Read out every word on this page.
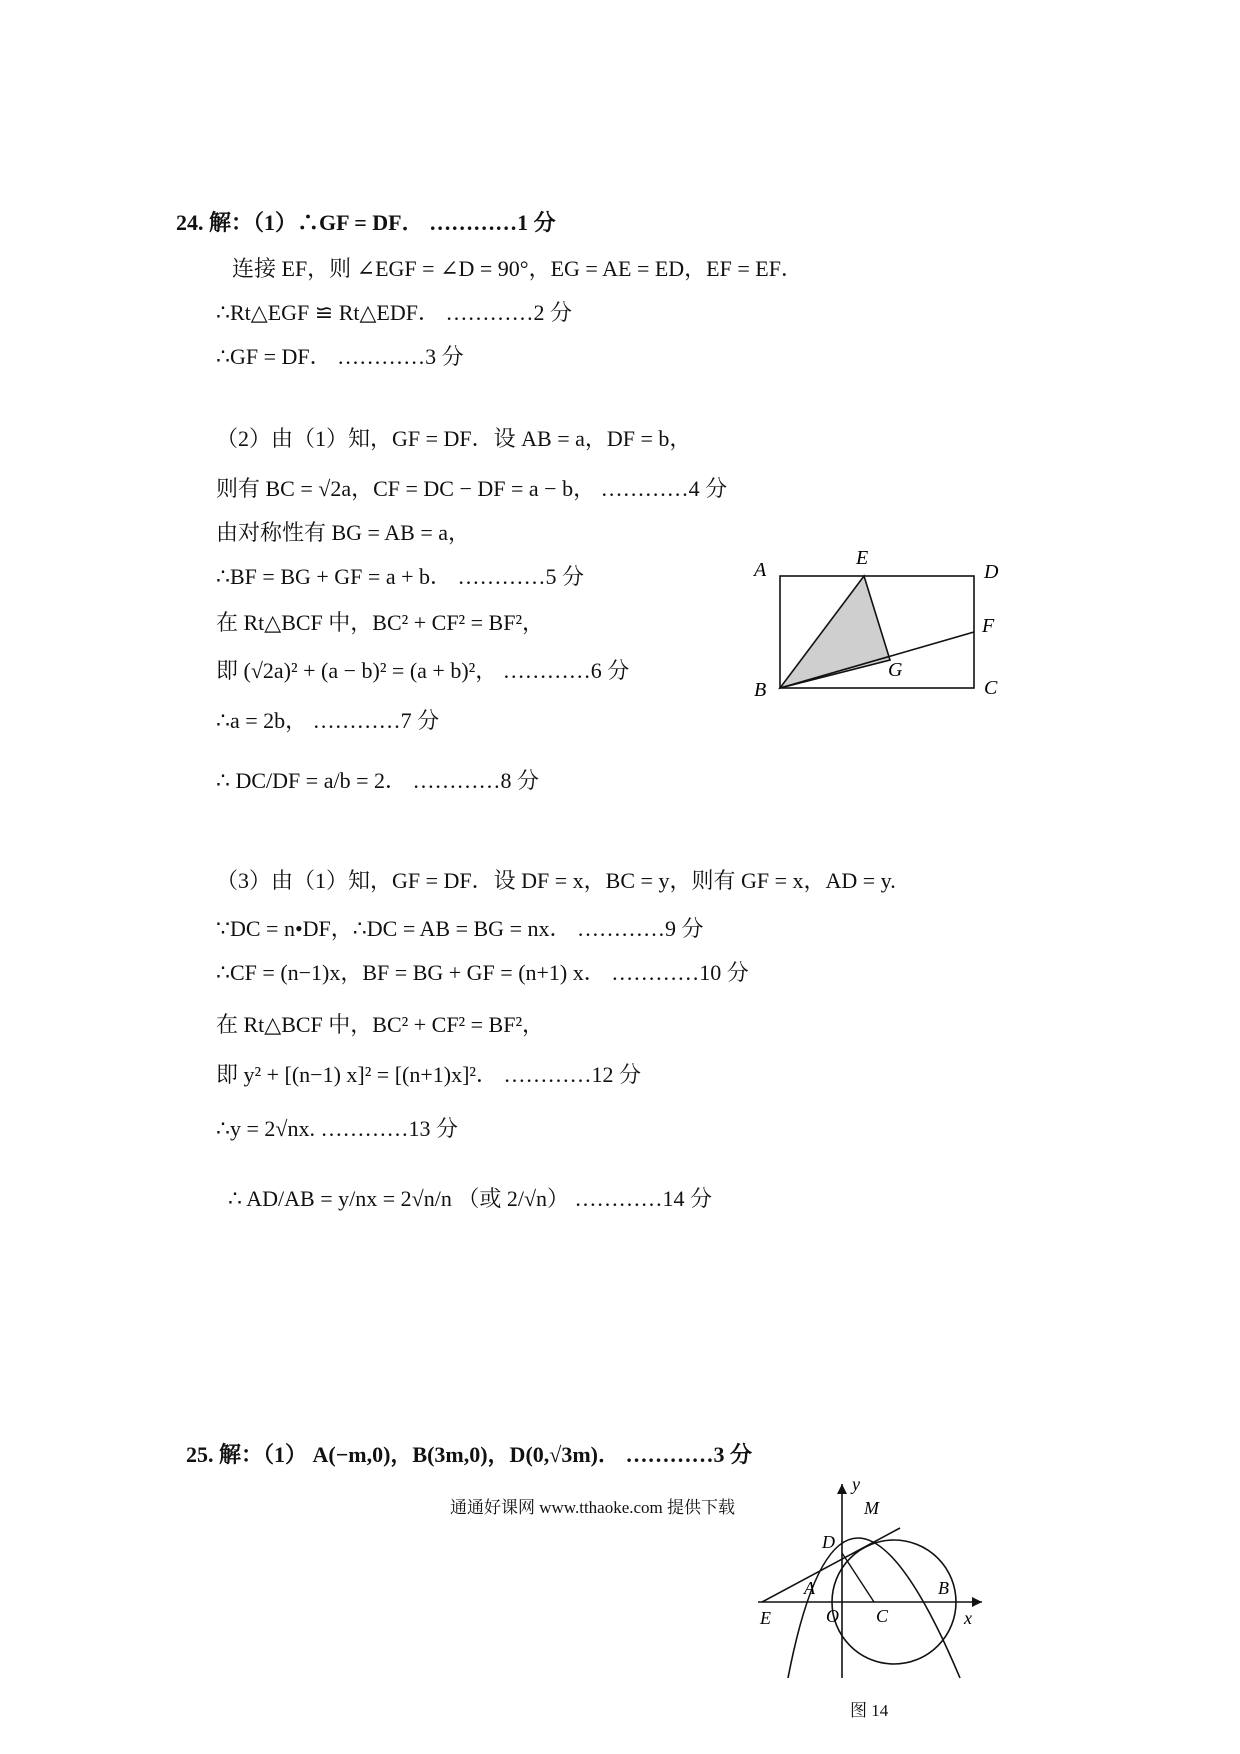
24. 解：（1）∴GF = DF． …………1 分
连接 EF，则 ∠EGF = ∠D = 90°，EG = AE = ED，EF = EF．
∴Rt△EGF ≌ Rt△EDF． …………2 分
∴GF = DF． …………3 分
（2）由（1）知，GF = DF．设 AB = a，DF = b，
则有 BC = √2a，CF = DC − DF = a − b， …………4 分
由对称性有 BG = AB = a，
∴BF = BG + GF = a + b． …………5 分
在 Rt△BCF 中，BC² + CF² = BF²，
即 (√2a)² + (a − b)² = (a + b)²， …………6 分
∴a = 2b， …………7 分
∴ DC/DF = a/b = 2． …………8 分
（3）由（1）知，GF = DF．设 DF = x，BC = y，则有 GF = x，AD = y.
∵DC = n•DF，∴DC = AB = BG = nx． …………9 分
∴CF = (n−1)x，BF = BG + GF = (n+1) x． …………10 分
在 Rt△BCF 中，BC² + CF² = BF²，
即 y² + [(n−1) x]² = [(n+1)x]²． …………12 分
∴y = 2√nx. …………13 分
∴ AD/AB = y/nx = 2√n/n （或 2/√n） …………14 分
A
E
D
F
B
G
C
25. 解：（1） A(−m,0)，B(3m,0)，D(0,√3m)． …………3 分
通通好课网 www.tthaoke.com 提供下载
y
M
D
A	B
E	O C	x
图 14
